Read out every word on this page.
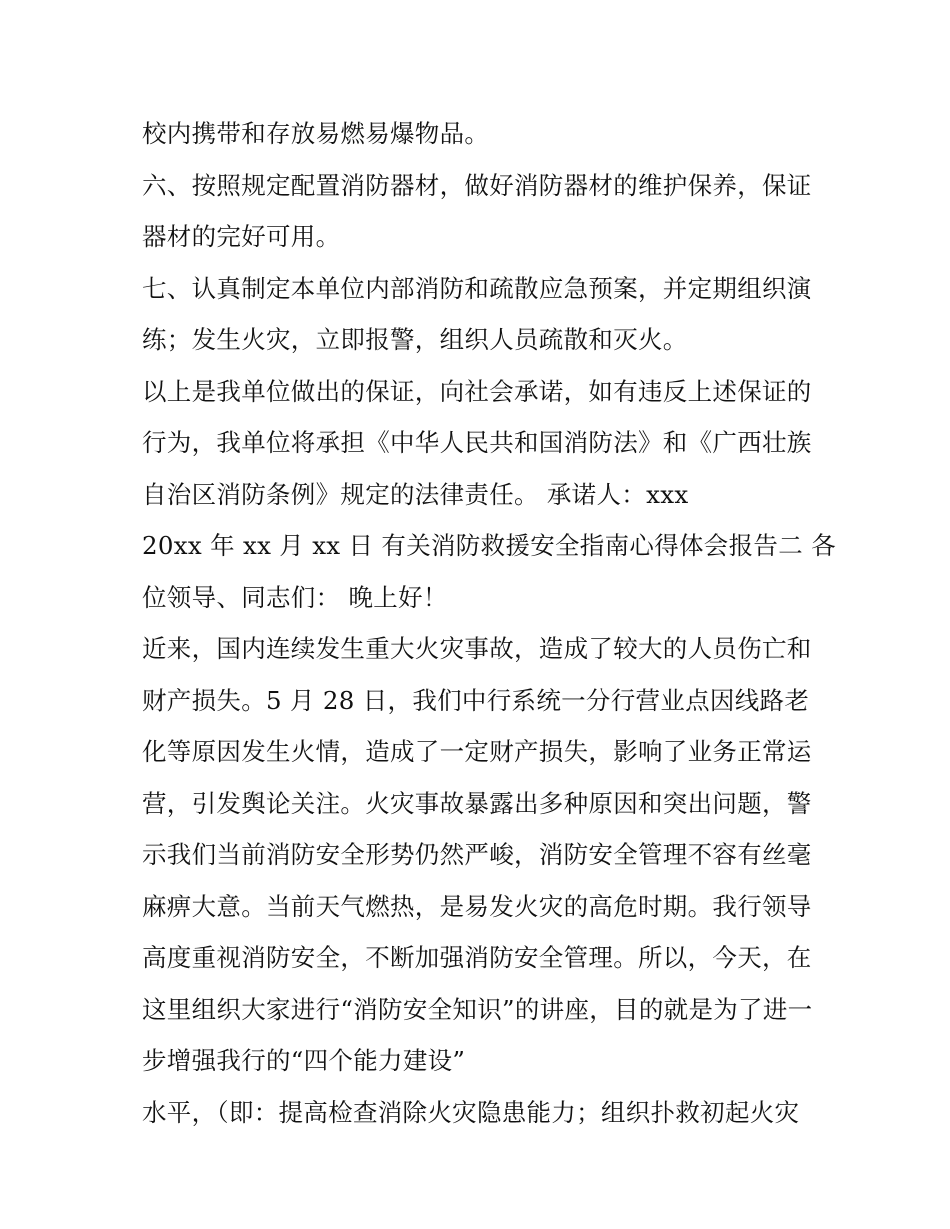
校内携带和存放易燃易爆物品。
六、按照规定配置消防器材，做好消防器材的维护保养，保证
器材的完好可用。
七、认真制定本单位内部消防和疏散应急预案，并定期组织演
练；发生火灾，立即报警，组织人员疏散和灭火。
以上是我单位做出的保证，向社会承诺，如有违反上述保证的
行为，我单位将承担《中华人民共和国消防法》和《广西壮族
自治区消防条例》规定的法律责任。 承诺人：xxx
20xx 年 xx 月 xx 日 有关消防救援安全指南心得体会报告二 各
位领导、同志们： 晚上好！
近来，国内连续发生重大火灾事故，造成了较大的人员伤亡和
财产损失。5 月 28 日，我们中行系统一分行营业点因线路老
化等原因发生火情，造成了一定财产损失，影响了业务正常运
营，引发舆论关注。火灾事故暴露出多种原因和突出问题，警
示我们当前消防安全形势仍然严峻，消防安全管理不容有丝毫
麻痹大意。当前天气燃热，是易发火灾的高危时期。我行领导
高度重视消防安全，不断加强消防安全管理。所以，今天，在
这里组织大家进行“消防安全知识”的讲座，目的就是为了进一
步增强我行的“四个能力建设”
水平，（即：提高检查消除火灾隐患能力；组织扑救初起火灾
